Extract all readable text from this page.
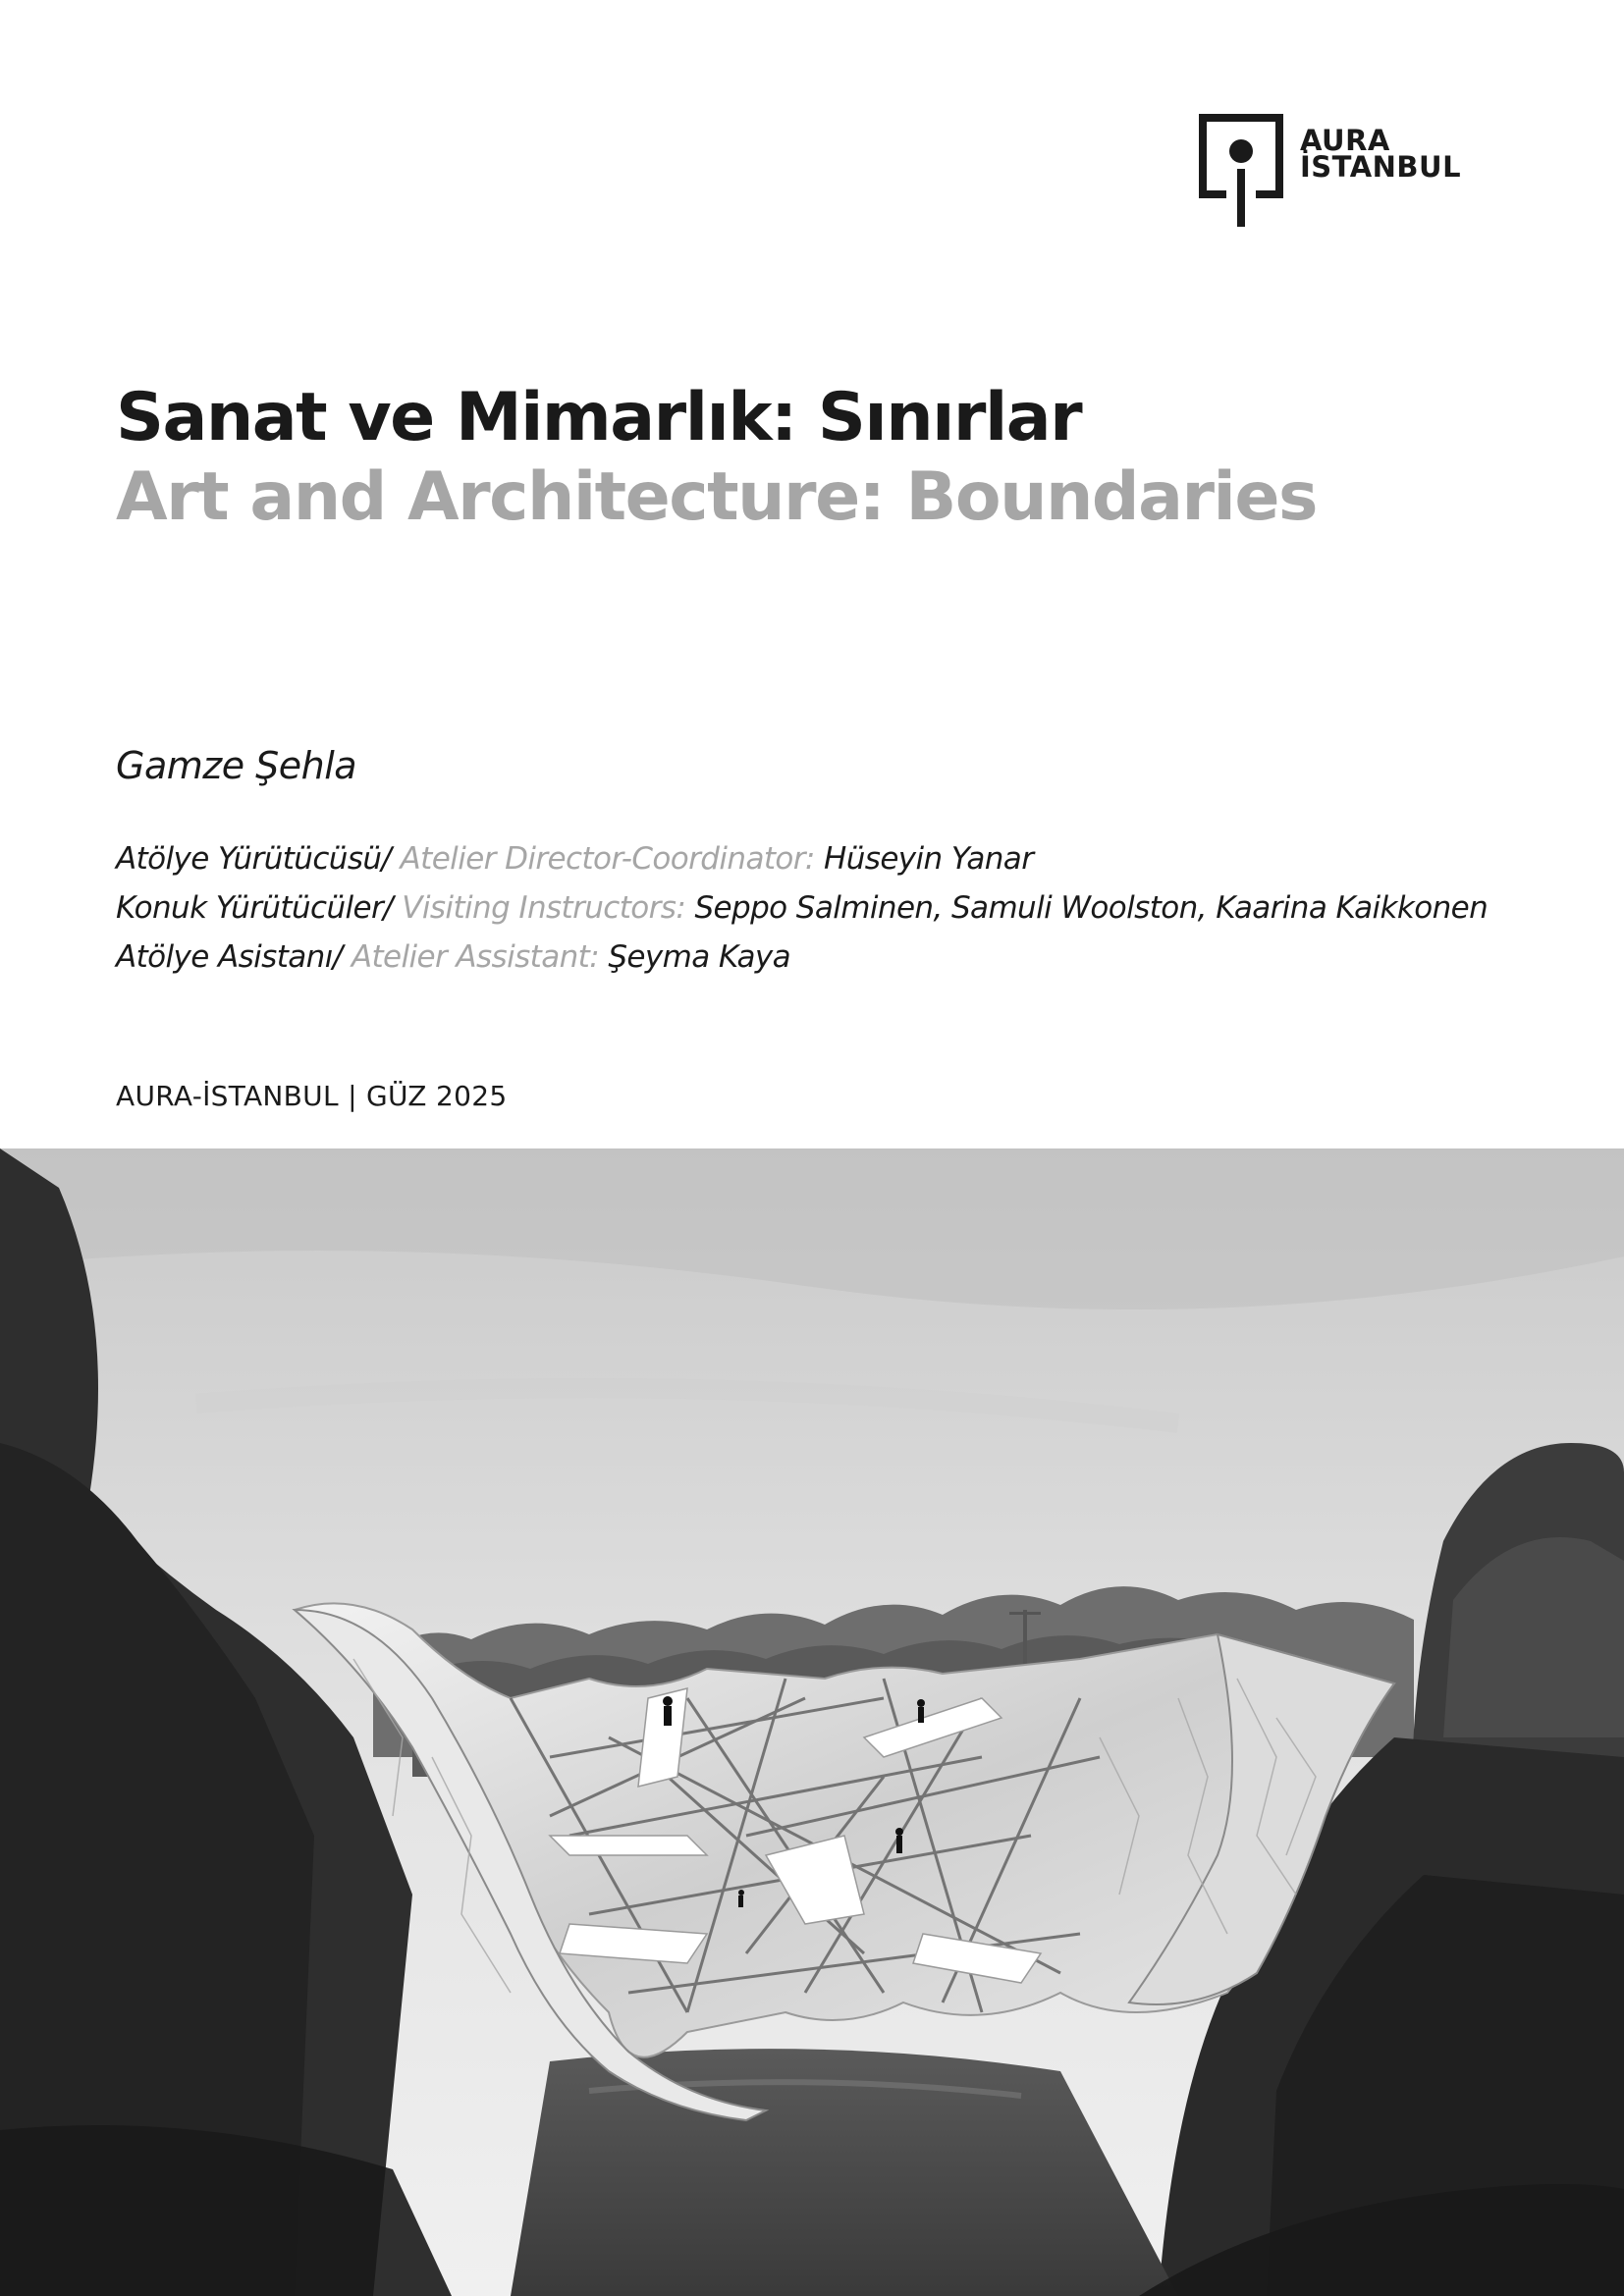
AURA
İSTANBUL
Sanat ve Mimarlık: Sınırlar
Art and Architecture: Boundaries
Gamze Şehla
Atölye Yürütücüsü/ Atelier Director-Coordinator: Hüseyin Yanar
Konuk Yürütücüler/ Visiting Instructors: Seppo Salminen, Samuli Woolston, Kaarina Kaikkonen
Atölye Asistanı/ Atelier Assistant: Şeyma Kaya
AURA-İSTANBUL | GÜZ 2025
